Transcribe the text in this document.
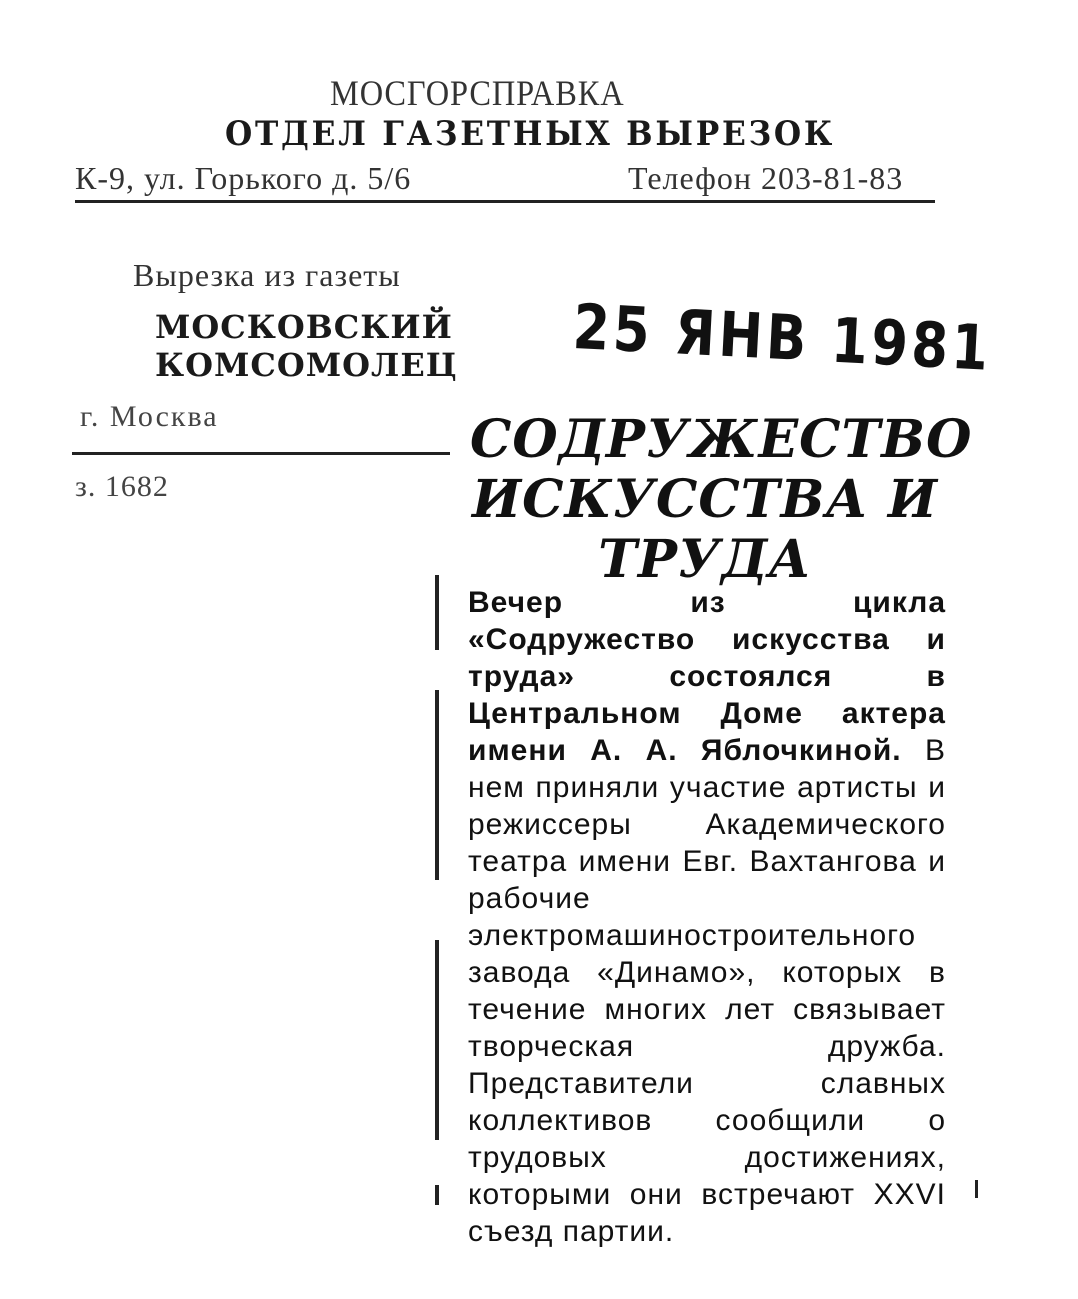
МОСГОРСПРАВКА
ОТДЕЛ ГАЗЕТНЫХ ВЫРЕЗОК
К-9, ул. Горького д. 5/6	Телефон 203-81-83
Вырезка из газеты
МОСКОВСКИЙ КОМСОМОЛЕЦ
г. Москва
з. 1682
25 ЯНВ 1981
СОДРУЖЕСТВО ИСКУССТВА И ТРУДА
Вечер из цикла «Содружество искусства и труда» состоялся в Центральном Доме актера имени А. А. Яблочкиной. В нем приняли участие артисты и режиссеры Академического театра имени Евг. Вахтангова и рабочие электромашиностроительного завода «Динамо», которых в течение многих лет связывает творческая дружба. Представители славных коллективов сообщили о трудовых достижениях, которыми они встречают XXVI съезд партии.
